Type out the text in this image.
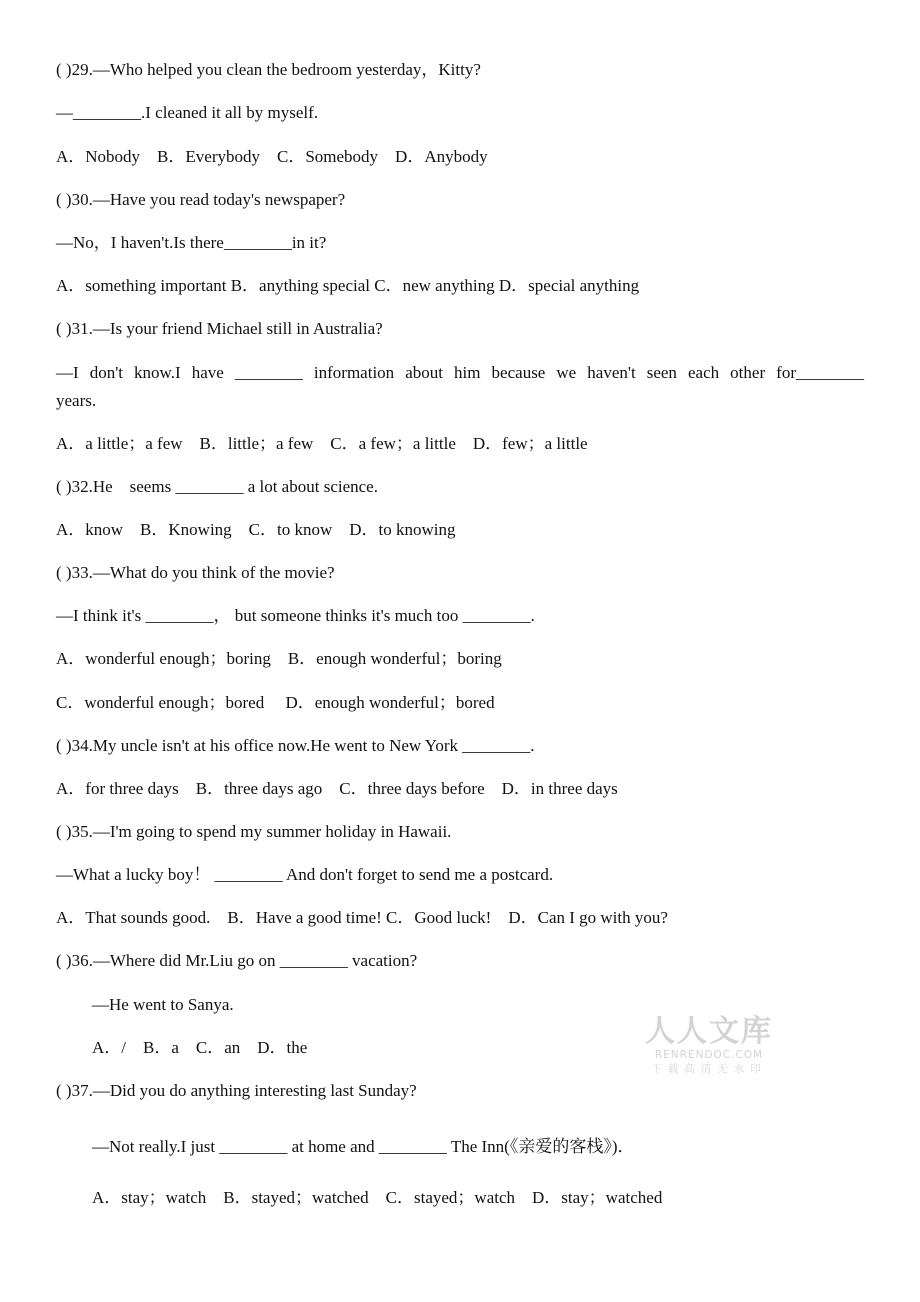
( )29.—Who helped you clean the bedroom yesterday，Kitty?
—________.I cleaned it all by myself.
A．Nobody　B．Everybody　C．Somebody　D．Anybody
( )30.—Have you read today's newspaper?
—No，I haven't.Is there________in it?
A．something important B．anything special C．new anything D．special anything
( )31.—Is your friend Michael still in Australia?
—I don't know.I have ________ information about him because we haven't seen each other for________
years.
A．a little；a few　B．little；a few　C．a few；a little　D．few；a little
( )32.He　seems ________ a lot about science.
A．know　B．Knowing　C．to know　D．to knowing
( )33.—What do you think of the movie?
—I think it's ________， but someone thinks it's much too ________.
A．wonderful enough；boring　B．enough wonderful；boring
C．wonderful enough；bored　 D．enough wonderful；bored
( )34.My uncle isn't at his office now.He went to New York ________.
A．for three days　B．three days ago　C．three days before　D．in three days
( )35.—I'm going to spend my summer holiday in Hawaii.
—What a lucky boy！ ________ And don't forget to send me a postcard.
A．That sounds good.　B．Have a good time! C．Good luck!　D．Can I go with you?
( )36.—Where did Mr.Liu go on ________ vacation?
—He went to Sanya.
A．/　B．a　C．an　D．the
( )37.—Did you do anything interesting last Sunday?
—Not really.I just ________ at home and ________ The Inn(《亲爱的客栈》)．
A．stay；watch　B．stayed；watched　C．stayed；watch　D．stay；watched
人人文库
RENRENDOC.COM
下载高清无水印
